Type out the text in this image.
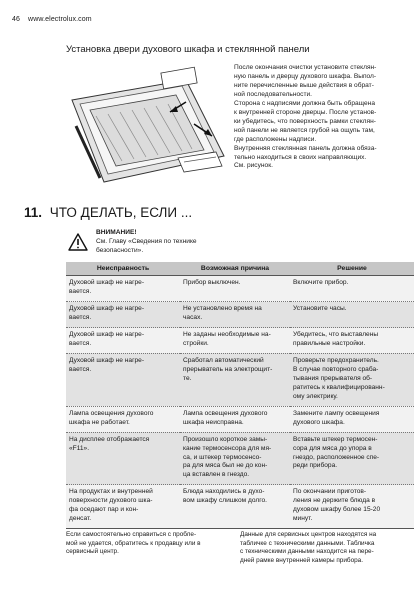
46 www.electrolux.com
Установка двери духового шкафа и стеклянной панели
После окончания очистки установите стеклян-
ную панель и дверцу духового шкафа. Выпол-
ните перечисленные выше действия в обрат-
ной последовательности.
Сторона с надписями должна быть обращена
к внутренней стороне дверцы. После установ-
ки убедитесь, что поверхность рамки стеклян-
ной панели не является грубой на ощупь там,
где расположены надписи.
Внутренняя стеклянная панель должна обяза-
тельно находиться в своих направляющих.
См. рисунок.
11. ЧТО ДЕЛАТЬ, ЕСЛИ ...
ВНИМАНИЕ!
См. Главу «Сведения по технике
безопасности».
Неисправность	Возможная причина	Решение
Духовой шкаф не нагре-
вается.	Прибор выключен.	Включите прибор.
Духовой шкаф не нагре-
вается.	Не установлено время на
часах.	Установите часы.
Духовой шкаф не нагре-
вается.	Не заданы необходимые на-
стройки.	Убедитесь, что выставлены
правильные настройки.
Духовой шкаф не нагре-
вается.	Сработал автоматический
прерыватель на электрощит-
те.	Проверьте предохранитель.
В случае повторного сраба-
тывания прерывателя об-
ратитесь к квалифицированн-
ому электрику.
Лампа освещения духового
шкафа не работает.	Лампа освещения духового
шкафа неисправна.	Замените лампу освещения
духового шкафа.
На дисплее отображается
«F11».	Произошло короткое замы-
кание термосенсора для мя-
са, и штекер термосенсо-
ра для мяса был не до кон-
ца вставлен в гнездо.	Вставьте штекер термосен-
сора для мяса до упора в
гнездо, расположенное спе-
реди прибора.
На продуктах и внутренней
поверхности духового шка-
фа оседают пар и кон-
денсат.	Блюда находились в духо-
вом шкафу слишком долго.	По окончании приготов-
ления не держите блюда в
духовом шкафу более 15-20
минут.
Если самостоятельно справиться с пробле-
мой не удается, обратитесь к продавцу или в
сервисный центр.
Данные для сервисных центров находятся на
табличке с техническими данными. Табличка
с техническими данными находится на пере-
дней рамке внутренней камеры прибора.
